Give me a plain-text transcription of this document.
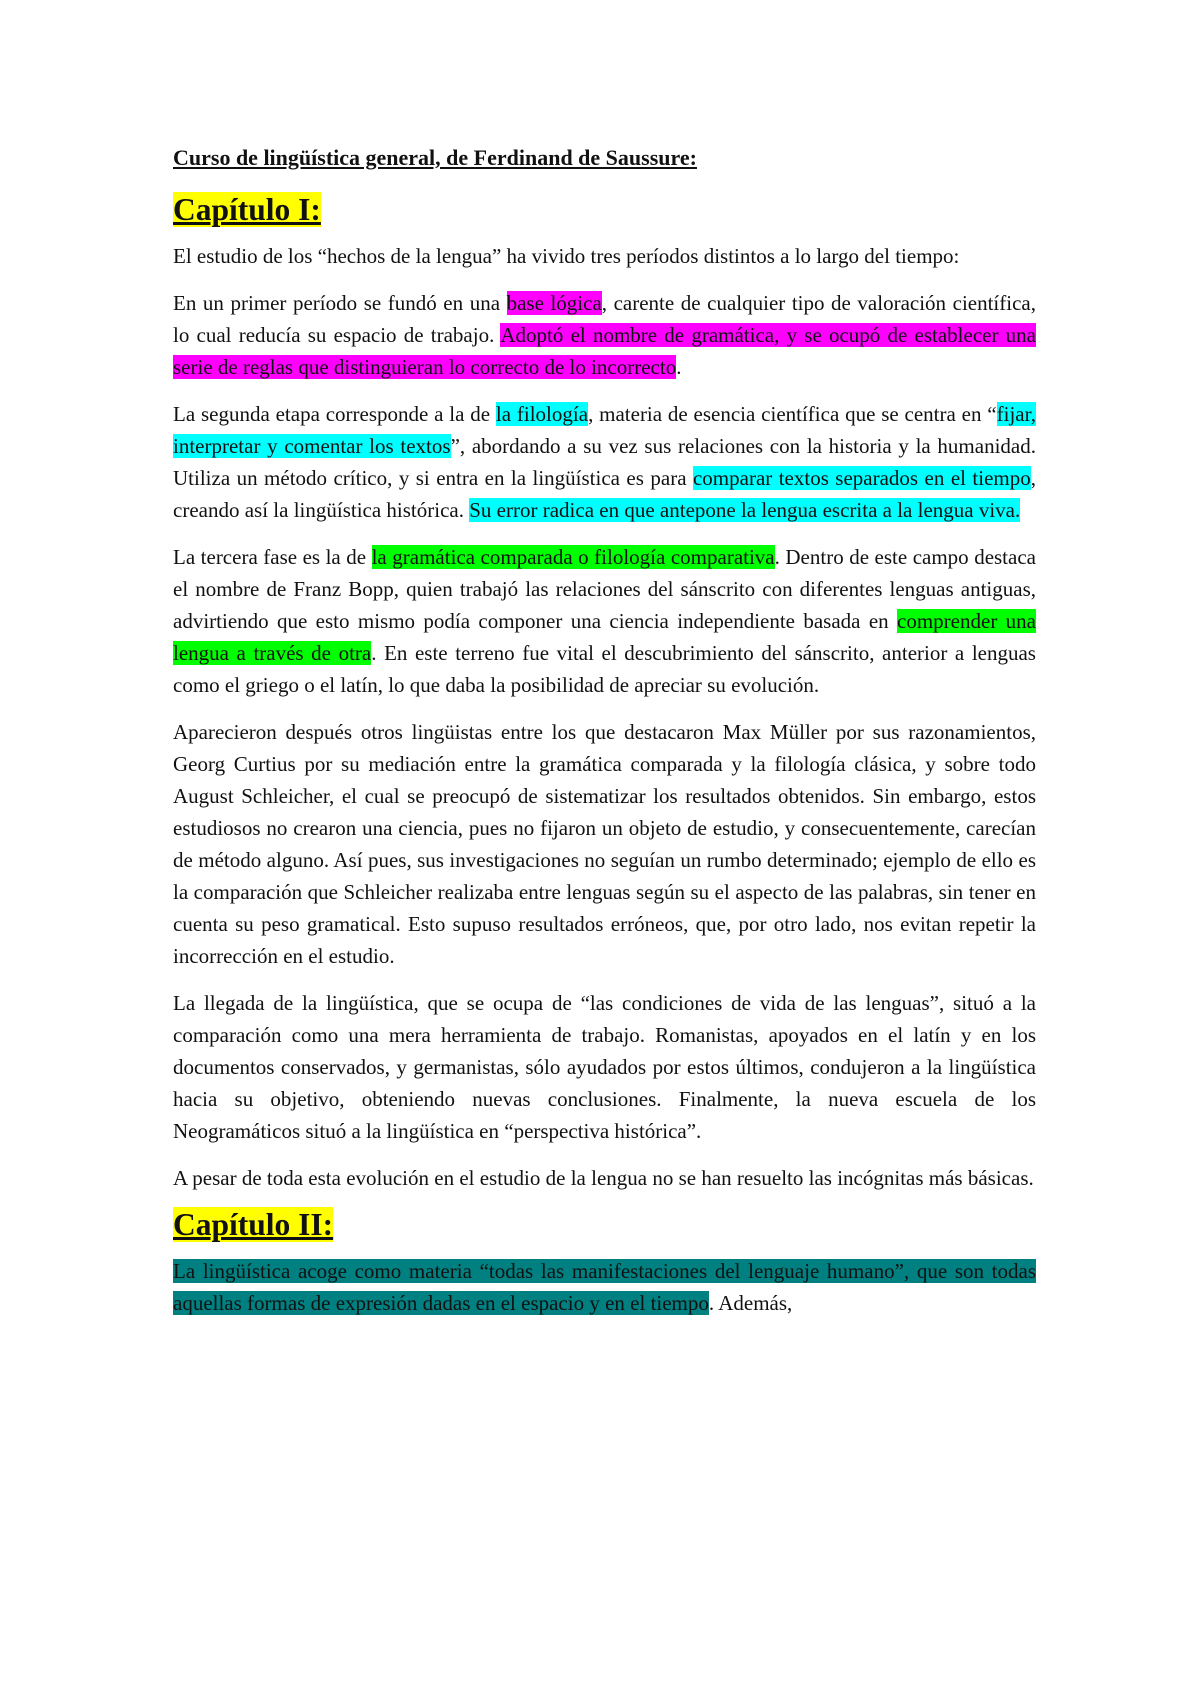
Curso de lingüística general, de Ferdinand de Saussure:
Capítulo I:

El estudio de los “hechos de la lengua” ha vivido tres períodos distintos a lo largo del tiempo:

En un primer período se fundó en una base lógica, carente de cualquier tipo de valoración científica, lo cual reducía su espacio de trabajo. Adoptó el nombre de gramática, y se ocupó de establecer una serie de reglas que distinguieran lo correcto de lo incorrecto.

La segunda etapa corresponde a la de la filología, materia de esencia científica que se centra en “fijar, interpretar y comentar los textos”, abordando a su vez sus relaciones con la historia y la humanidad. Utiliza un método crítico, y si entra en la lingüística es para comparar textos separados en el tiempo, creando así la lingüística histórica. Su error radica en que antepone la lengua escrita a la lengua viva.

La tercera fase es la de la gramática comparada o filología comparativa. Dentro de este campo destaca el nombre de Franz Bopp, quien trabajó las relaciones del sánscrito con diferentes lenguas antiguas, advirtiendo que esto mismo podía componer una ciencia independiente basada en comprender una lengua a través de otra. En este terreno fue vital el descubrimiento del sánscrito, anterior a lenguas como el griego o el latín, lo que daba la posibilidad de apreciar su evolución.

Aparecieron después otros lingüistas entre los que destacaron Max Müller por sus razonamientos, Georg Curtius por su mediación entre la gramática comparada y la filología clásica, y sobre todo August Schleicher, el cual se preocupó de sistematizar los resultados obtenidos. Sin embargo, estos estudiosos no crearon una ciencia, pues no fijaron un objeto de estudio, y consecuentemente, carecían de método alguno. Así pues, sus investigaciones no seguían un rumbo determinado; ejemplo de ello es la comparación que Schleicher realizaba entre lenguas según su el aspecto de las palabras, sin tener en cuenta su peso gramatical. Esto supuso resultados erróneos, que, por otro lado, nos evitan repetir la incorrección en el estudio.

La llegada de la lingüística, que se ocupa de “las condiciones de vida de las lenguas”, situó a la comparación como una mera herramienta de trabajo. Romanistas, apoyados en el latín y en los documentos conservados, y germanistas, sólo ayudados por estos últimos, condujeron a la lingüística hacia su objetivo, obteniendo nuevas conclusiones. Finalmente, la nueva escuela de los Neogramáticos situó a la lingüística en “perspectiva histórica”.

A pesar de toda esta evolución en el estudio de la lengua no se han resuelto las incógnitas más básicas.

Capítulo II:

La lingüística acoge como materia “todas las manifestaciones del lenguaje humano”, que son todas aquellas formas de expresión dadas en el espacio y en el tiempo. Además,
